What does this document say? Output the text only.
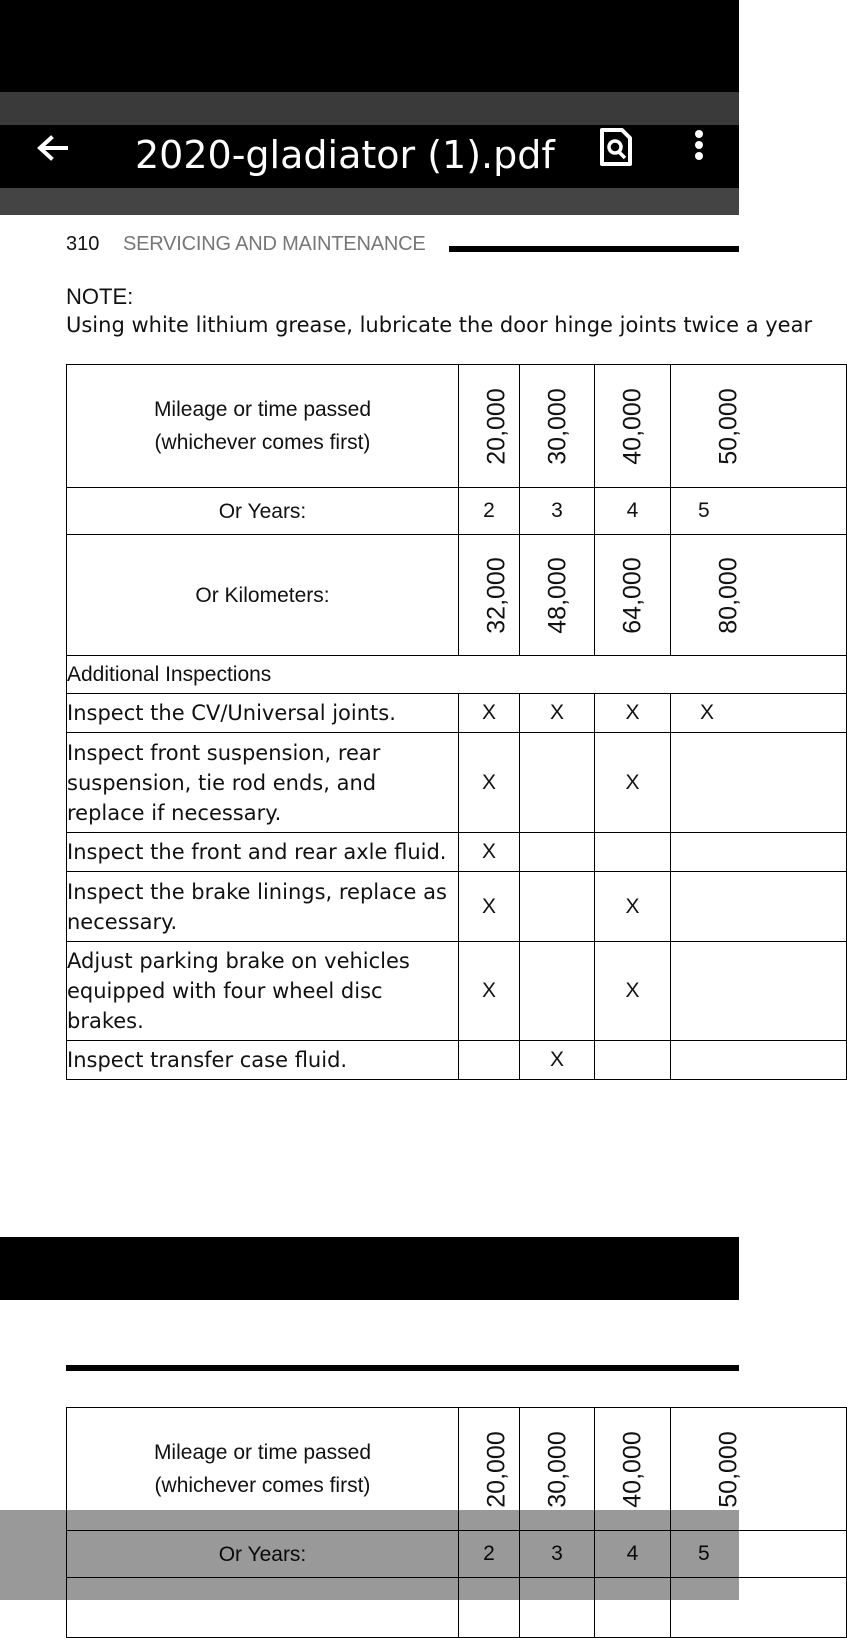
2020-gladiator (1).pdf
310 SERVICING AND MAINTENANCE
NOTE:
Using white lithium grease, lubricate the door hinge joints twice a year
Mileage or time passed
(whichever comes first)	20,000	30,000	40,000	50,000
Or Years:	2	3	4	5
Or Kilometers:	32,000	48,000	64,000	80,000
Additional Inspections				
Inspect the CV/Universal joints.	X	X	X	X
Inspect front suspension, rear suspension, tie rod ends, and replace if necessary.	X		X	
Inspect the front and rear axle fluid.	X			
Inspect the brake linings, replace as necessary.	X		X	
Adjust parking brake on vehicles equipped with four wheel disc brakes.	X		X	
Inspect transfer case fluid.		X		
Mileage or time passed
(whichever comes first)	20,000	30,000	40,000	50,000
Or Years:	2	3	4	5
